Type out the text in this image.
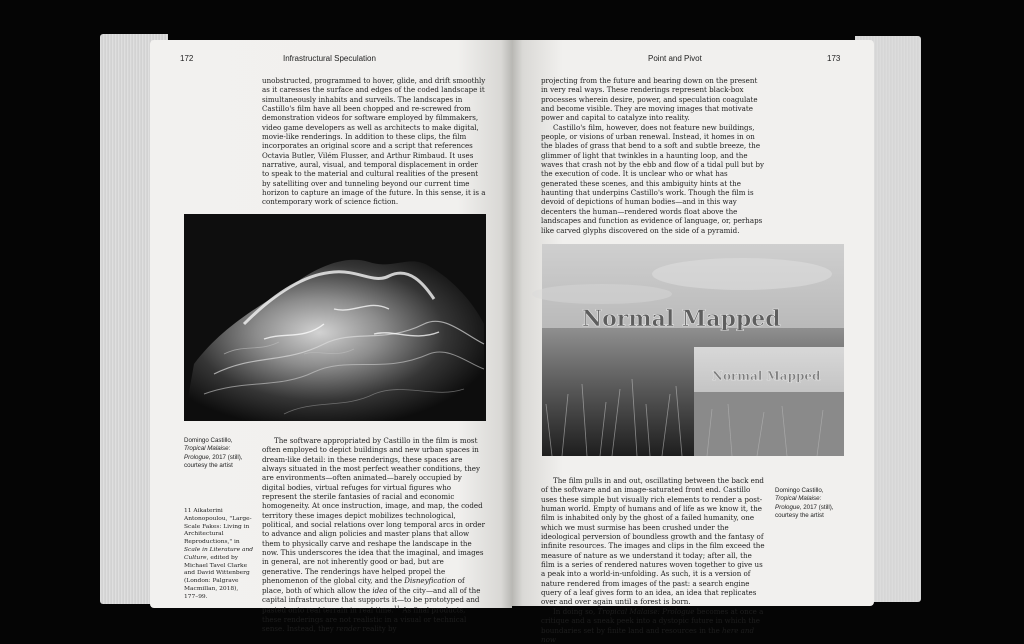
172	Infrastructural Speculation

unobstructed, programmed to hover, glide, and drift smoothly as it caresses the surface and edges of the coded landscape it simultaneously inhabits and surveils. The landscapes in Castillo's film have all been chopped and re-screwed from demonstration videos for software employed by filmmakers, video game developers as well as architects to make digital, movie-like renderings. In addition to these clips, the film incorporates an original score and a script that references Octavia Butler, Vilém Flusser, and Arthur Rimbaud. It uses narrative, aural, visual, and temporal displacement in order to speak to the material and cultural realities of the present by satelliting over and tunneling beyond our current time horizon to capture an image of the future. In this sense, it is a contemporary work of science fiction.

Domingo Castillo,
Tropical Malaise: Prologue, 2017 (still), courtesy the artist

The software appropriated by Castillo in the film is most often employed to depict buildings and new urban spaces in dream-like detail: in these renderings, these spaces are always situated in the most perfect weather conditions, they are environments—often animated—barely occupied by digital bodies, virtual refuges for virtual figures who represent the sterile fantasies of racial and economic homogeneity. At once instruction, image, and map, the coded territory these images depict mobilizes technological, political, and social relations over long temporal arcs in order to advance and align policies and master plans that allow them to physically carve and reshape the landscape in the now. This underscores the idea that the imaginal, and images in general, are not inherently good or bad, but are generative. The renderings have helped propel the phenomenon of the global city, and the Disneyfication of place, both of which allow the idea of the city—and all of the capital infrastructure that supports it—to be prototyped and pasted onto real terrain in real time.$^{11}$ As final products, these renderings are not realistic in a visual or technical sense. Instead, they render reality by

11 Aikaterini Antonopoulou, "Large-Scale Fakes: Living in Architectural Reproductions," in Scale in Literature and Culture, edited by Michael Tavel Clarke and David Wittenberg (London: Palgrave Macmillan, 2018), 177–99.
Point and Pivot	173

projecting from the future and bearing down on the present in very real ways. These renderings represent black-box processes wherein desire, power, and speculation coagulate and become visible. They are moving images that motivate power and capital to catalyze into reality.

Castillo's film, however, does not feature new buildings, people, or visions of urban renewal. Instead, it homes in on the blades of grass that bend to a soft and subtle breeze, the glimmer of light that twinkles in a haunting loop, and the waves that crash not by the ebb and flow of a tidal pull but by the execution of code. It is unclear who or what has generated these scenes, and this ambiguity hints at the haunting that underpins Castillo's work. Though the film is devoid of depictions of human bodies—and in this way decenters the human—rendered words float above the landscapes and function as evidence of language, or, perhaps like carved glyphs discovered on the side of a pyramid.

Normal Mapped
Normal Mapped
Domingo Castillo,
Tropical Malaise: Prologue, 2017 (still), courtesy the artist

The film pulls in and out, oscillating between the back end of the software and an image-saturated front end. Castillo uses these simple but visually rich elements to render a post-human world. Empty of humans and of life as we know it, the film is inhabited only by the ghost of a failed humanity, one which we must surmise has been crushed under the ideological perversion of boundless growth and the fantasy of infinite resources. The images and clips in the film exceed the measure of nature as we understand it today; after all, the film is a series of rendered natures woven together to give us a peak into a world-in-unfolding. As such, it is a version of nature rendered from images of the past: a search engine query of a leaf gives form to an idea, an idea that replicates over and over again until a forest is born.

In doing so, Tropical Malaise: Prologue becomes at once a critique and a sneak peek into a dystopic future in which the boundaries set by finite land and resources in the here and now
